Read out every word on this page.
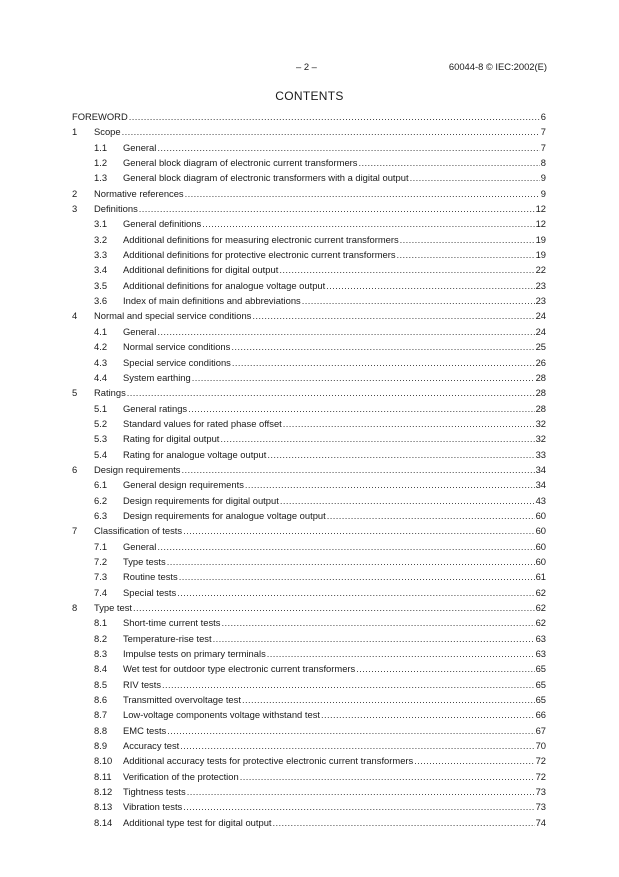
– 2 –	60044-8 © IEC:2002(E)
CONTENTS
FOREWORD .....	6
1	Scope .....	7
1.1	General .....	7
1.2	General block diagram of electronic current transformers .....	8
1.3	General block diagram of electronic transformers with a digital output .....	9
2	Normative references .....	9
3	Definitions .....	12
3.1	General definitions .....	12
3.2	Additional definitions for measuring electronic current transformers .....	19
3.3	Additional definitions for protective electronic current transformers .....	19
3.4	Additional definitions for digital output .....	22
3.5	Additional definitions for analogue voltage output .....	23
3.6	Index of main definitions and abbreviations .....	23
4	Normal and special service conditions .....	24
4.1	General .....	24
4.2	Normal service conditions .....	25
4.3	Special service conditions .....	26
4.4	System earthing .....	28
5	Ratings .....	28
5.1	General ratings .....	28
5.2	Standard values for rated phase offset .....	32
5.3	Rating for digital output .....	32
5.4	Rating for analogue voltage output .....	33
6	Design requirements .....	34
6.1	General design requirements .....	34
6.2	Design requirements for digital output .....	43
6.3	Design requirements for analogue voltage output .....	60
7	Classification of tests .....	60
7.1	General .....	60
7.2	Type tests .....	60
7.3	Routine tests .....	61
7.4	Special tests .....	62
8	Type test .....	62
8.1	Short-time current tests .....	62
8.2	Temperature-rise test .....	63
8.3	Impulse tests on primary terminals .....	63
8.4	Wet test for outdoor type electronic current transformers .....	65
8.5	RIV tests .....	65
8.6	Transmitted overvoltage test .....	65
8.7	Low-voltage components voltage withstand test .....	66
8.8	EMC tests .....	67
8.9	Accuracy test .....	70
8.10	Additional accuracy tests for protective electronic current transformers .....	72
8.11	Verification of the protection .....	72
8.12	Tightness tests .....	73
8.13	Vibration tests .....	73
8.14	Additional type test for digital output .....	74
